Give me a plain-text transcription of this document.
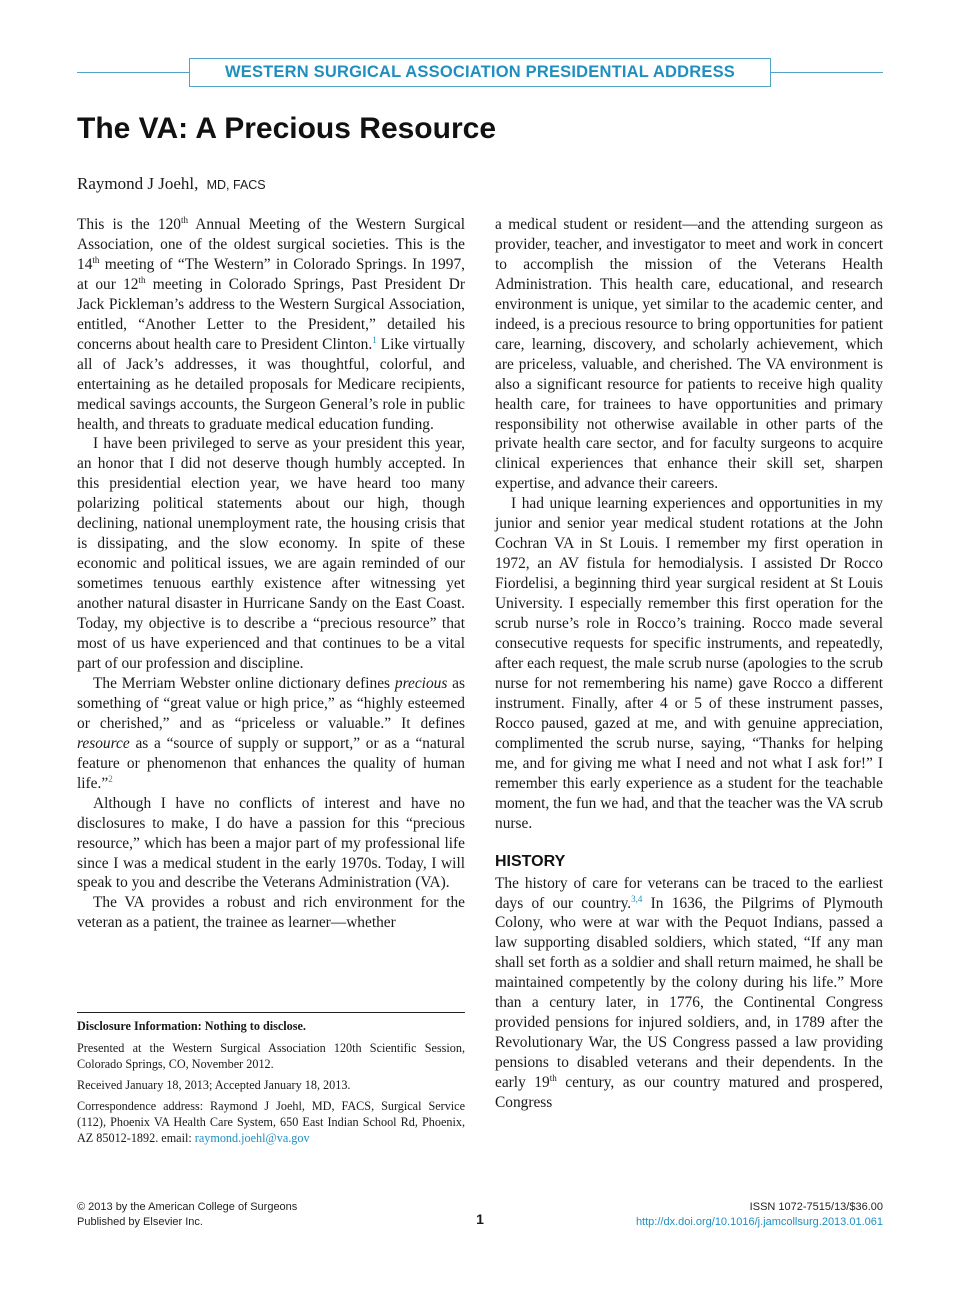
WESTERN SURGICAL ASSOCIATION PRESIDENTIAL ADDRESS
The VA: A Precious Resource
Raymond J Joehl, MD, FACS

This is the 120th Annual Meeting of the Western Surgical Association, one of the oldest surgical societies. This is the 14th meeting of “The Western” in Colorado Springs. In 1997, at our 12th meeting in Colorado Springs, Past President Dr Jack Pickleman’s address to the Western Surgical Association, entitled, “Another Letter to the President,” detailed his concerns about health care to President Clinton.$^1$ Like virtually all of Jack’s addresses, it was thoughtful, colorful, and entertaining as he detailed proposals for Medicare recipients, medical savings accounts, the Surgeon General’s role in public health, and threats to graduate medical education funding.

I have been privileged to serve as your president this year, an honor that I did not deserve though humbly accepted. In this presidential election year, we have heard too many polarizing political statements about our high, though declining, national unemployment rate, the housing crisis that is dissipating, and the slow economy. In spite of these economic and political issues, we are again reminded of our sometimes tenuous earthly existence after witnessing yet another natural disaster in Hurricane Sandy on the East Coast. Today, my objective is to describe a “precious resource” that most of us have experienced and that continues to be a vital part of our profession and discipline.

The Merriam Webster online dictionary defines precious as something of “great value or high price,” as “highly esteemed or cherished,” and as “priceless or valuable.” It defines resource as a “source of supply or support,” or as a “natural feature or phenomenon that enhances the quality of human life.”$^2$

Although I have no conflicts of interest and have no disclosures to make, I do have a passion for this “precious resource,” which has been a major part of my professional life since I was a medical student in the early 1970s. Today, I will speak to you and describe the Veterans Administration (VA).

The VA provides a robust and rich environment for the veteran as a patient, the trainee as learner—whether

Disclosure Information: Nothing to disclose.

Presented at the Western Surgical Association 120th Scientific Session, Colorado Springs, CO, November 2012.

Received January 18, 2013; Accepted January 18, 2013.

Correspondence address: Raymond J Joehl, MD, FACS, Surgical Service (112), Phoenix VA Health Care System, 650 East Indian School Rd, Phoenix, AZ 85012-1892. email: raymond.joehl@va.gov

a medical student or resident—and the attending surgeon as provider, teacher, and investigator to meet and work in concert to accomplish the mission of the Veterans Health Administration. This health care, educational, and research environment is unique, yet similar to the academic center, and indeed, is a precious resource to bring opportunities for patient care, learning, discovery, and scholarly achievement, which are priceless, valuable, and cherished. The VA environment is also a significant resource for patients to receive high quality health care, for trainees to have opportunities and primary responsibility not otherwise available in other parts of the private health care sector, and for faculty surgeons to acquire clinical experiences that enhance their skill set, sharpen expertise, and advance their careers.

I had unique learning experiences and opportunities in my junior and senior year medical student rotations at the John Cochran VA in St Louis. I remember my first operation in 1972, an AV fistula for hemodialysis. I assisted Dr Rocco Fiordelisi, a beginning third year surgical resident at St Louis University. I especially remember this first operation for the scrub nurse’s role in Rocco’s training. Rocco made several consecutive requests for specific instruments, and repeatedly, after each request, the male scrub nurse (apologies to the scrub nurse for not remembering his name) gave Rocco a different instrument. Finally, after 4 or 5 of these instrument passes, Rocco paused, gazed at me, and with genuine appreciation, complimented the scrub nurse, saying, “Thanks for helping me, and for giving me what I need and not what I ask for!” I remember this early experience as a student for the teachable moment, the fun we had, and that the teacher was the VA scrub nurse.

HISTORY

The history of care for veterans can be traced to the earliest days of our country.$^{3,4}$ In 1636, the Pilgrims of Plymouth Colony, who were at war with the Pequot Indians, passed a law supporting disabled soldiers, which stated, “If any man shall set forth as a soldier and shall return maimed, he shall be maintained competently by the colony during his life.” More than a century later, in 1776, the Continental Congress provided pensions for injured soldiers, and, in 1789 after the Revolutionary War, the US Congress passed a law providing pensions to disabled veterans and their dependents. In the early 19th century, as our country matured and prospered, Congress

© 2013 by the American College of Surgeons
Published by Elsevier Inc.	1
ISSN 1072-7515/13/$36.00
http://dx.doi.org/10.1016/j.jamcollsurg.2013.01.061
